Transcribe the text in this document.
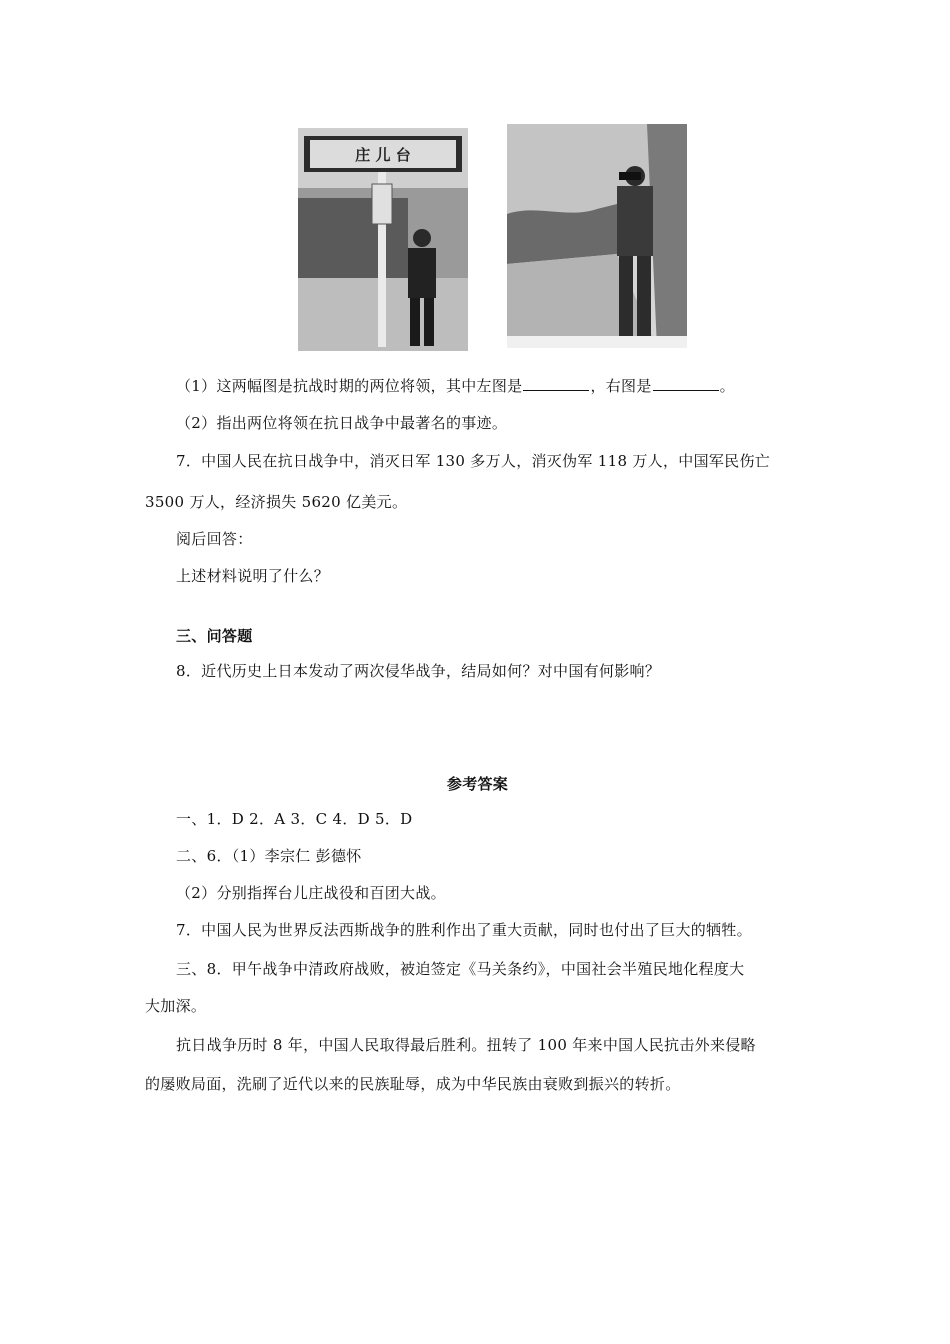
庄 儿 台
（1）这两幅图是抗战时期的两位将领，其中左图是	，右图是	。
（2）指出两位将领在抗日战争中最著名的事迹。
7．中国人民在抗日战争中，消灭日军 130 多万人，消灭伪军 118 万人，中国军民伤亡
3500 万人，经济损失 5620 亿美元。
阅后回答：
上述材料说明了什么？
三、问答题
8．近代历史上日本发动了两次侵华战争，结局如何？对中国有何影响？
参考答案
一、1．D 2．A 3．C 4．D 5．D
二、6．（1）李宗仁 彭德怀
（2）分别指挥台儿庄战役和百团大战。
7．中国人民为世界反法西斯战争的胜利作出了重大贡献，同时也付出了巨大的牺牲。
三、8．甲午战争中清政府战败，被迫签定《马关条约》，中国社会半殖民地化程度大
大加深。
抗日战争历时 8 年，中国人民取得最后胜利。扭转了 100 年来中国人民抗击外来侵略
的屡败局面，洗刷了近代以来的民族耻辱，成为中华民族由衰败到振兴的转折。
